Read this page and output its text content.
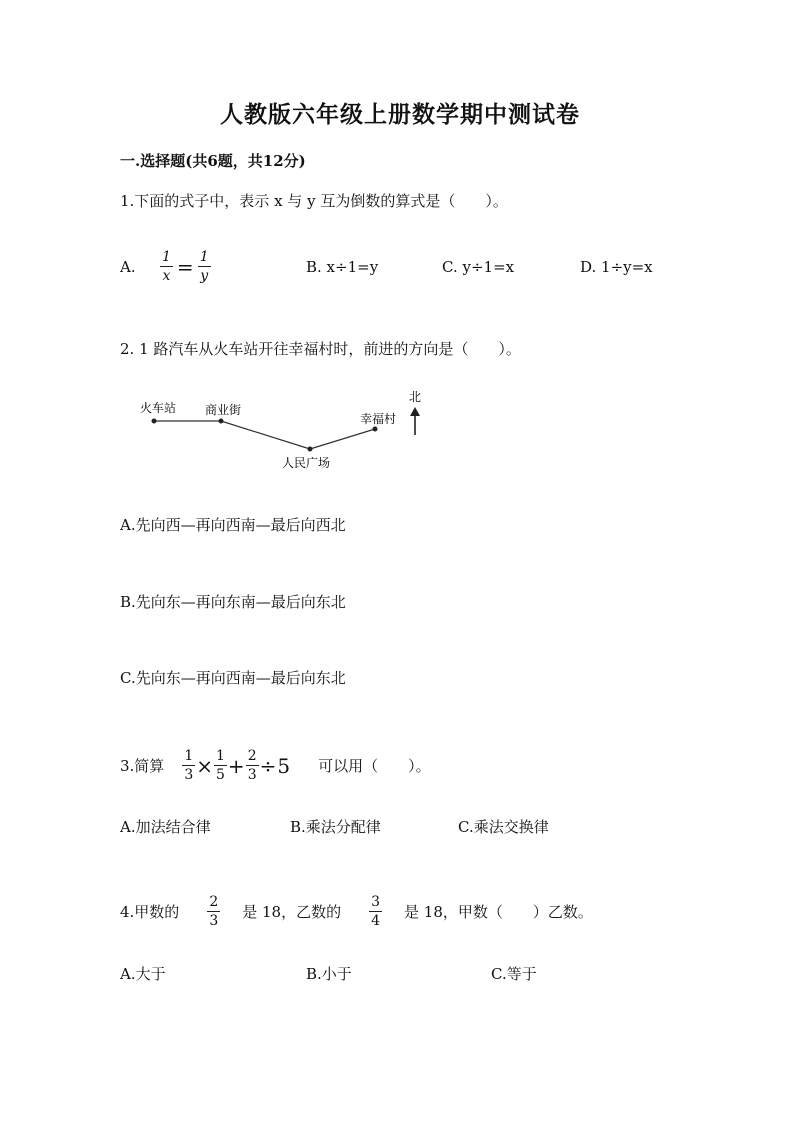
人教版六年级上册数学期中测试卷
一.选择题(共6题，共12分)
1.下面的式子中，表示 x 与 y 互为倒数的算式是（　　）。
A. $\frac{1}{x} = \frac{1}{y}$	B. x÷1=y	C. y÷1=x	D. 1÷y=x
2. 1 路汽车从火车站开往幸福村时，前进的方向是（　　）。
火车站 商业街
人民广场
幸福村
北
A.先向西—再向西南—最后向西北
B.先向东—再向东南—最后向东北
C.先向东—再向西南—最后向东北
3.简算 $\frac{1}{3} \times \frac{1}{5} + \frac{2}{3} \div 5$ 可以用（　　）。
A.加法结合律	B.乘法分配律	C.乘法交换律
4.甲数的 $\frac{2}{3}$ 是 18，乙数的 $\frac{3}{4}$ 是 18，甲数（　　）乙数。
A.大于	B.小于	C.等于
